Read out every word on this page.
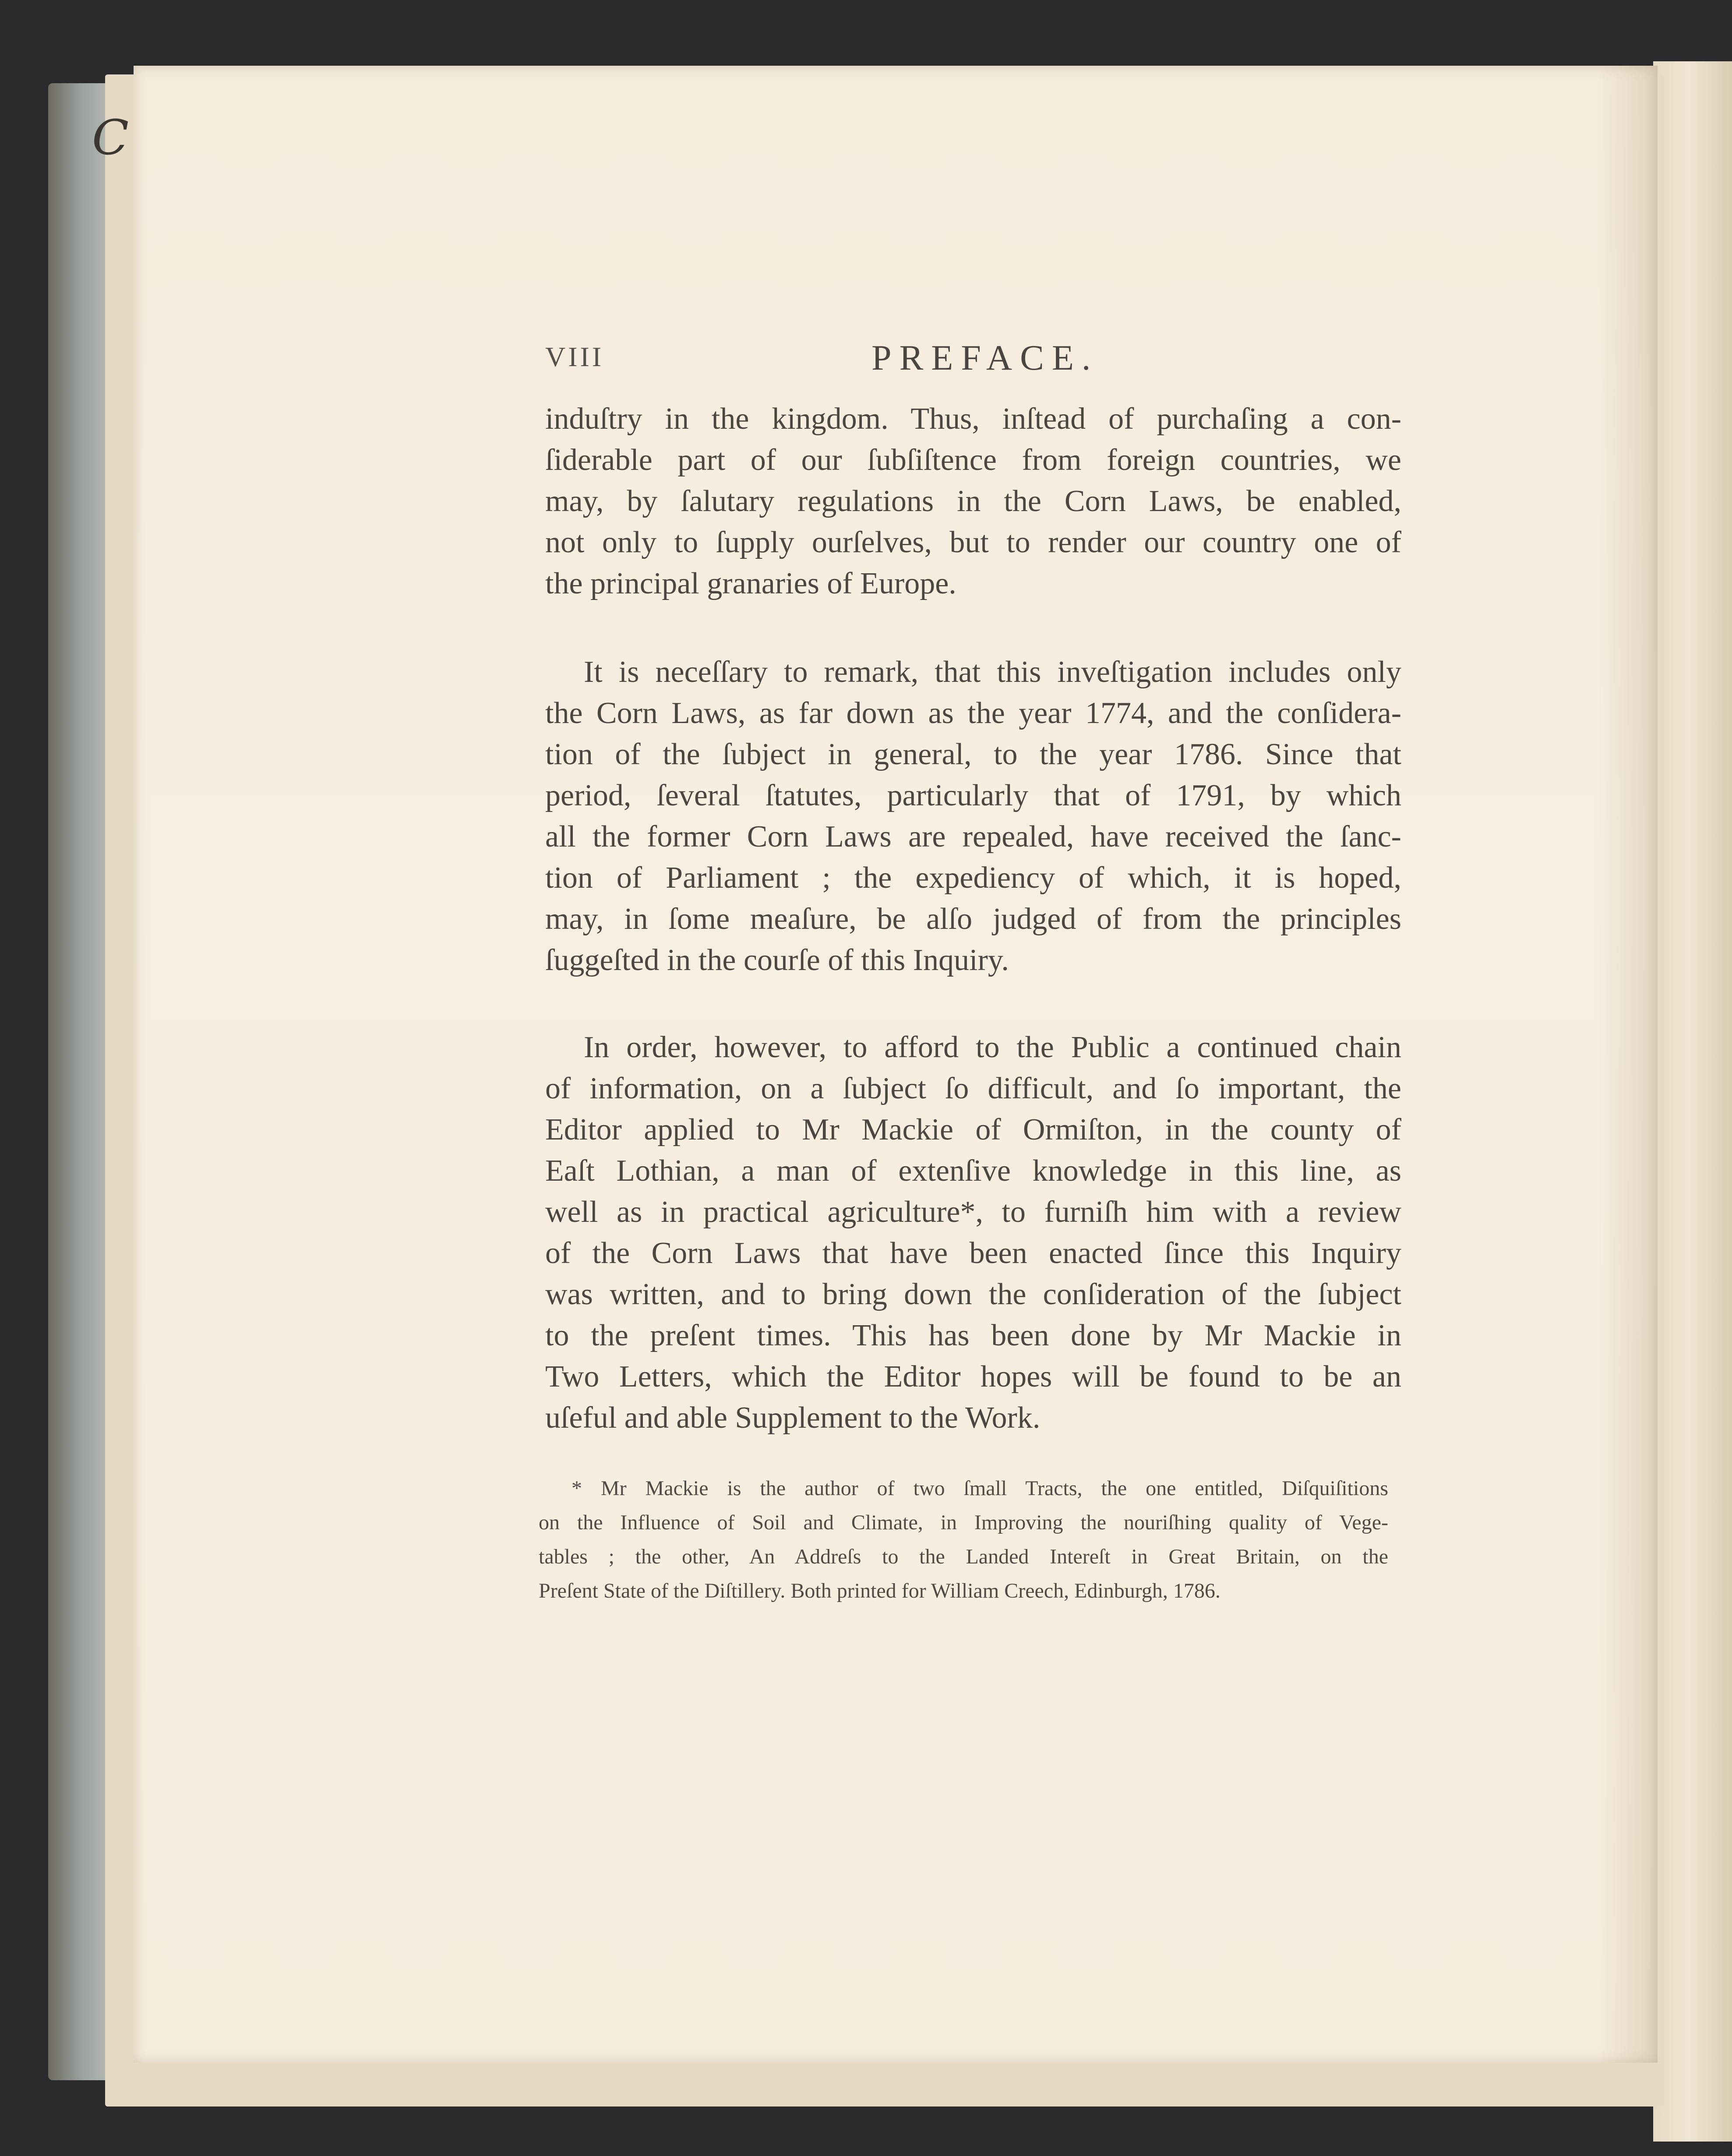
C
VIII	PREFACE.
induſtry in the kingdom. Thus, inſtead of purchaſing a con-
ſiderable part of our ſubſiſtence from foreign countries, we
may, by ſalutary regulations in the Corn Laws, be enabled,
not only to ſupply ourſelves, but to render our country one of
the principal granaries of Europe.
It is neceſſary to remark, that this inveſtigation includes only
the Corn Laws, as far down as the year 1774, and the conſidera-
tion of the ſubject in general, to the year 1786. Since that
period, ſeveral ſtatutes, particularly that of 1791, by which
all the former Corn Laws are repealed, have received the ſanc-
tion of Parliament ; the expediency of which, it is hoped,
may, in ſome meaſure, be alſo judged of from the principles
ſuggeſted in the courſe of this Inquiry.
In order, however, to afford to the Public a continued chain
of information, on a ſubject ſo difficult, and ſo important, the
Editor applied to Mr Mackie of Ormiſton, in the county of
Eaſt Lothian, a man of extenſive knowledge in this line, as
well as in practical agriculture*, to furniſh him with a review
of the Corn Laws that have been enacted ſince this Inquiry
was written, and to bring down the conſideration of the ſubject
to the preſent times. This has been done by Mr Mackie in
Two Letters, which the Editor hopes will be found to be an
uſeful and able Supplement to the Work.
* Mr Mackie is the author of two ſmall Tracts, the one entitled, Diſquiſitions
on the Influence of Soil and Climate, in Improving the nouriſhing quality of Vege-
tables ; the other, An Addreſs to the Landed Intereſt in Great Britain, on the
Preſent State of the Diſtillery. Both printed for William Creech, Edinburgh, 1786.
